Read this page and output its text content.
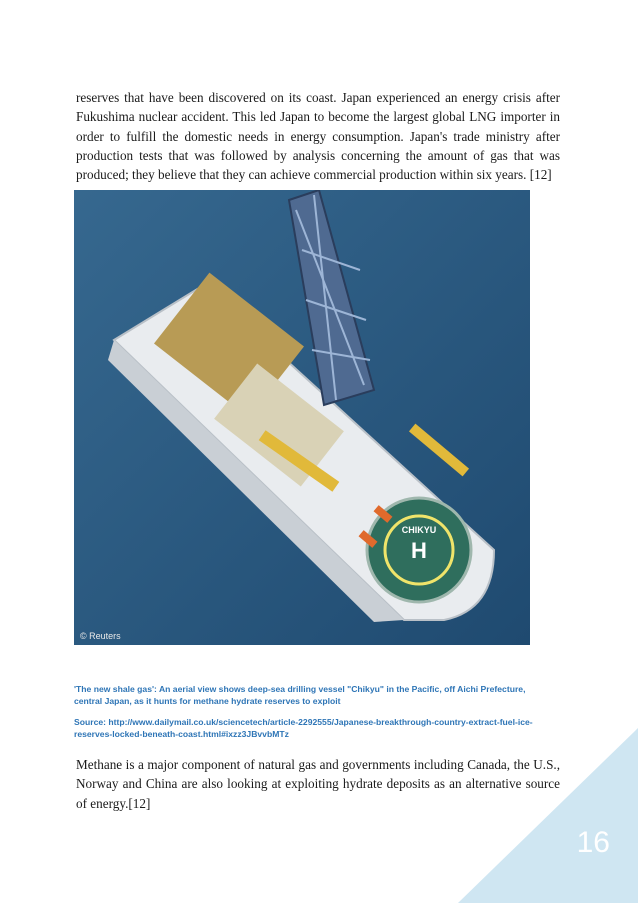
reserves that have been discovered on its coast. Japan experienced an energy crisis after Fukushima nuclear accident. This led Japan to become the largest global LNG importer in order to fulfill the domestic needs in energy consumption. Japan's trade ministry after production tests that was followed by analysis concerning the amount of gas that was produced; they believe that they can achieve commercial production within six years. [12]

H
CHIKYU
© Reuters
'The new shale gas': An aerial view shows deep-sea drilling vessel "Chikyu" in the Pacific, off Aichi Prefecture, central Japan, as it hunts for methane hydrate reserves to exploit
Source: http://www.dailymail.co.uk/sciencetech/article-2292555/Japanese-breakthrough-country-extract-fuel-ice-reserves-locked-beneath-coast.html#ixzz3JBvvbMTz

Methane is a major component of natural gas and governments including Canada, the U.S., Norway and China are also looking at exploiting hydrate deposits as an alternative source of energy.[12]

16
